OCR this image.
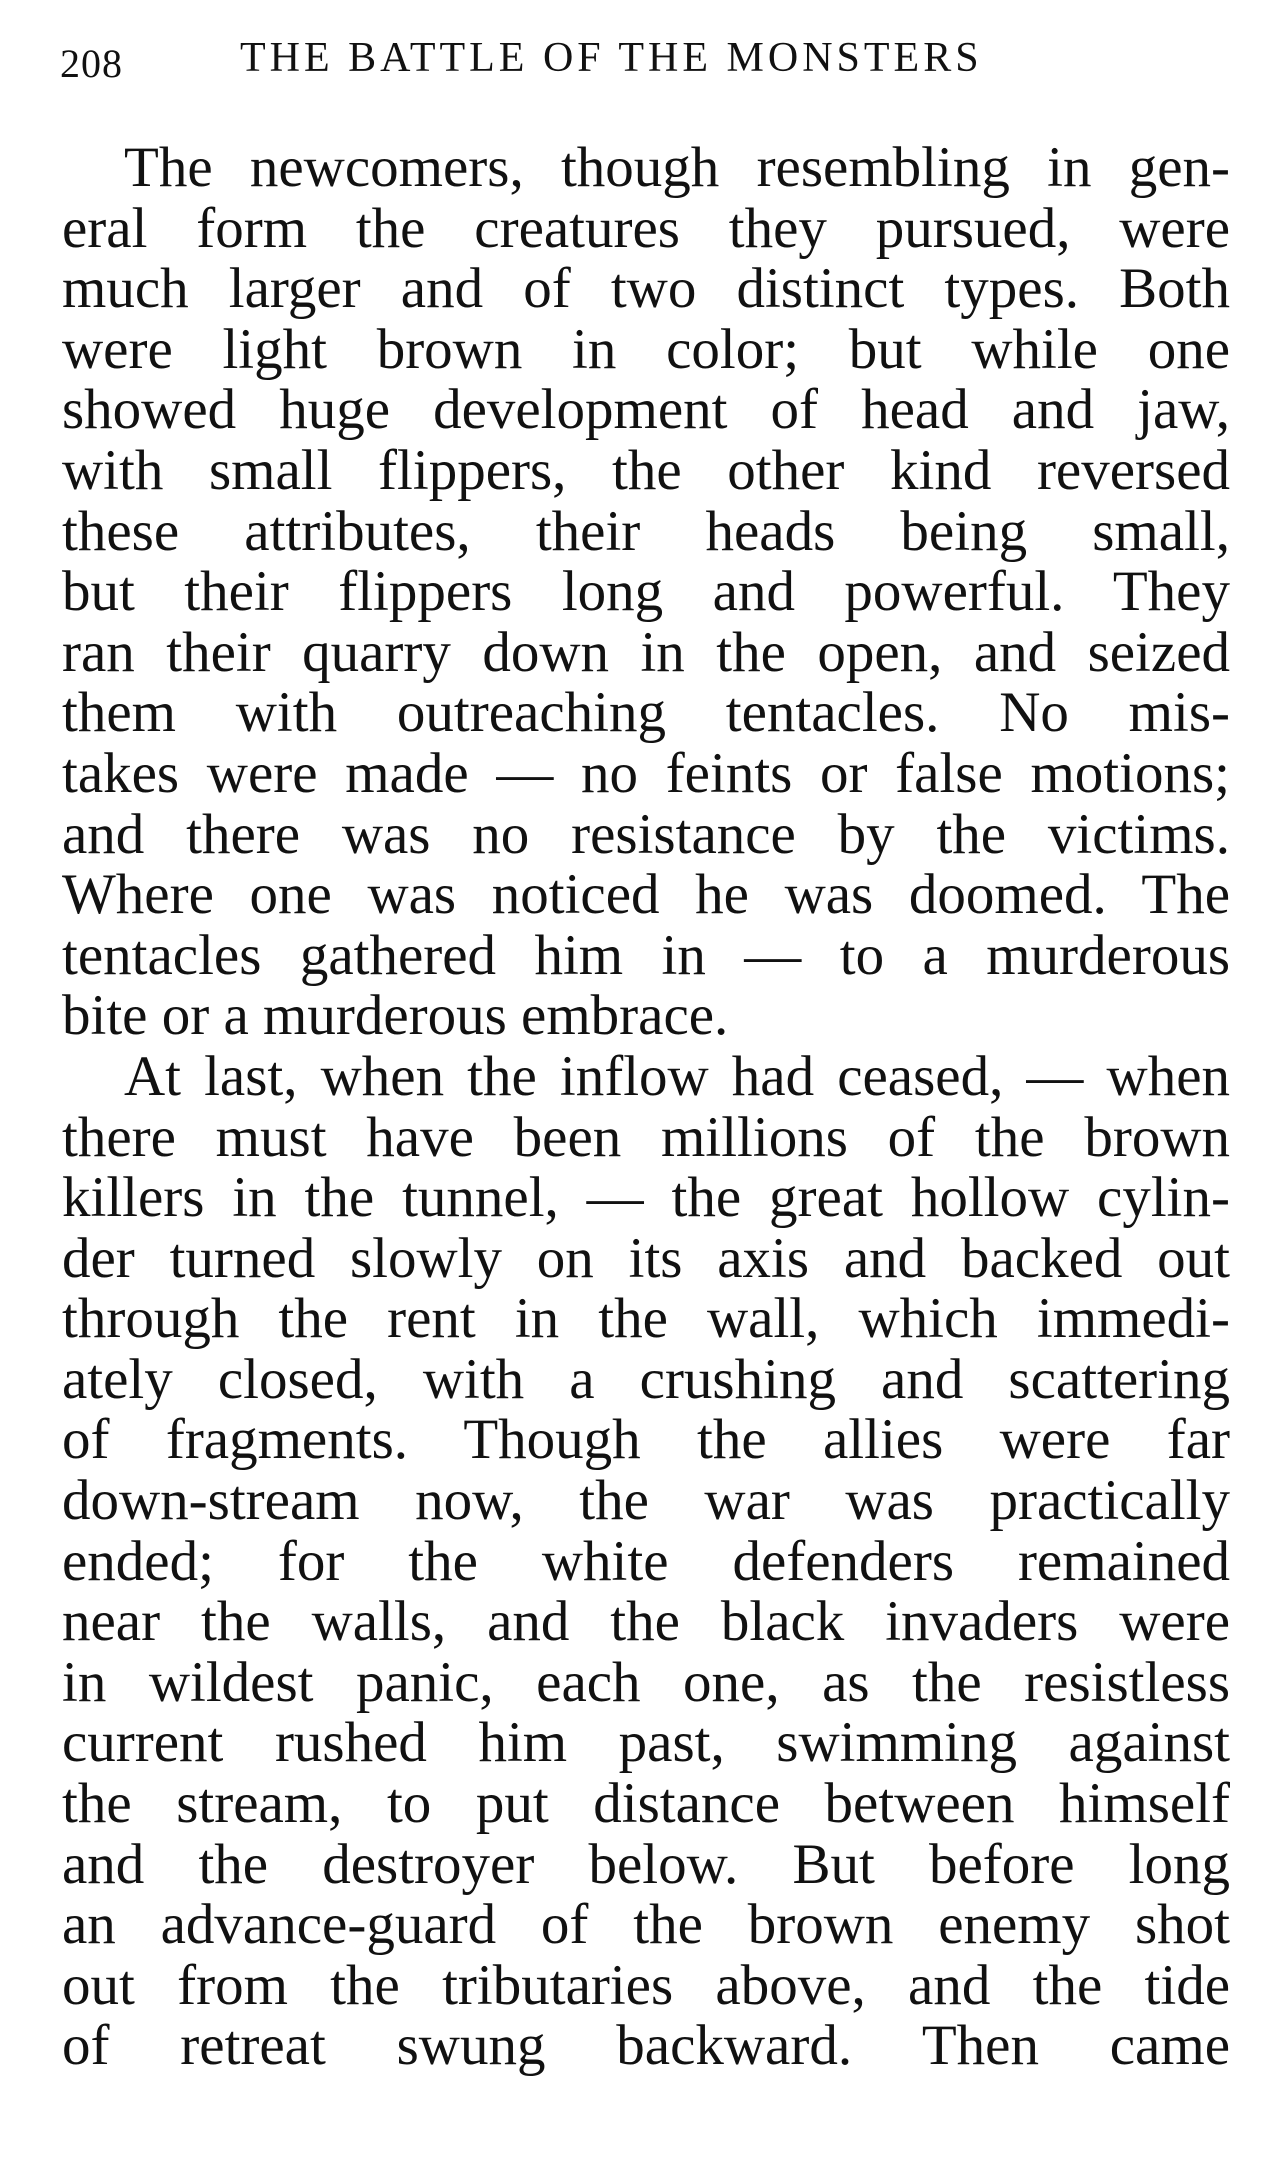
208	THE BATTLE OF THE MONSTERS
The newcomers, though resembling in gen-
eral form the creatures they pursued, were
much larger and of two distinct types. Both
were light brown in color; but while one
showed huge development of head and jaw,
with small flippers, the other kind reversed
these attributes, their heads being small,
but their flippers long and powerful. They
ran their quarry down in the open, and seized
them with outreaching tentacles. No mis-
takes were made — no feints or false motions;
and there was no resistance by the victims.
Where one was noticed he was doomed. The
tentacles gathered him in — to a murderous
bite or a murderous embrace.
At last, when the inflow had ceased, — when
there must have been millions of the brown
killers in the tunnel, — the great hollow cylin-
der turned slowly on its axis and backed out
through the rent in the wall, which immedi-
ately closed, with a crushing and scattering
of fragments. Though the allies were far
down-stream now, the war was practically
ended; for the white defenders remained
near the walls, and the black invaders were
in wildest panic, each one, as the resistless
current rushed him past, swimming against
the stream, to put distance between himself
and the destroyer below. But before long
an advance-guard of the brown enemy shot
out from the tributaries above, and the tide
of retreat swung backward. Then came
